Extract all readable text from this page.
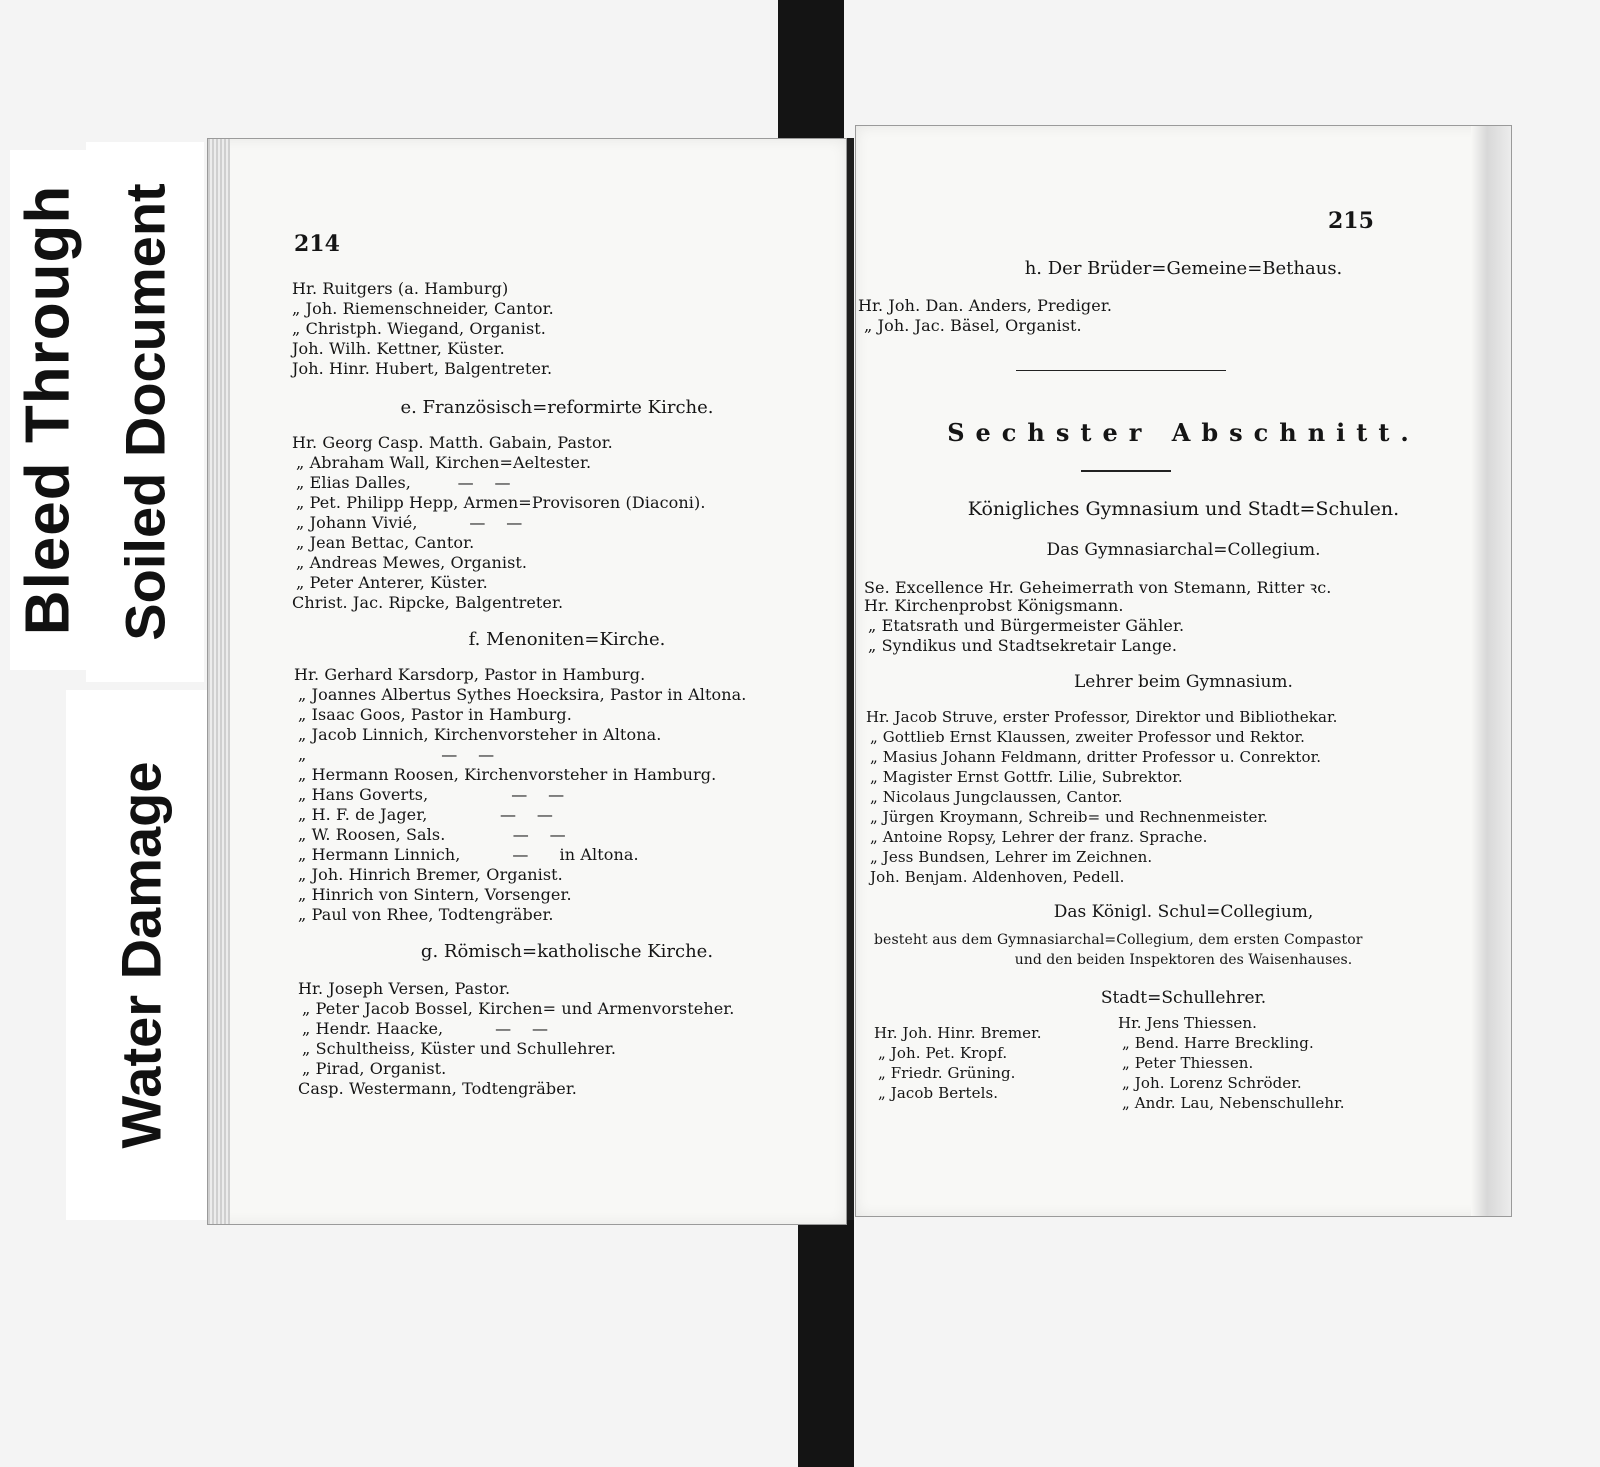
Bleed Through Soiled Document
Water Damage
214
Hr. Ruitgers (a. Hamburg)
„ Joh. Riemenschneider, Cantor.
„ Christph. Wiegand, Organist.
Joh. Wilh. Kettner, Küster.
Joh. Hinr. Hubert, Balgentreter.
e. Französisch=reformirte Kirche.
Hr. Georg Casp. Matth. Gabain, Pastor.
„ Abraham Wall, Kirchen=Aeltester.
„ Elias Dalles,         —    —
„ Pet. Philipp Hepp, Armen=Provisoren (Diaconi).
„ Johann Vivié,          —    —
„ Jean Bettac, Cantor.
„ Andreas Mewes, Organist.
„ Peter Anterer, Küster.
Christ. Jac. Ripcke, Balgentreter.
f. Menoniten=Kirche.
Hr. Gerhard Karsdorp, Pastor in Hamburg.
„ Joannes Albertus Sythes Hoecksira, Pastor in Altona.
„ Isaac Goos, Pastor in Hamburg.
„ Jacob Linnich, Kirchenvorsteher in Altona.
„                          —    —
„ Hermann Roosen, Kirchenvorsteher in Hamburg.
„ Hans Goverts,                —    —
„ H. F. de Jager,              —    —
„ W. Roosen, Sals.             —    —
„ Hermann Linnich,          —      in Altona.
„ Joh. Hinrich Bremer, Organist.
„ Hinrich von Sintern, Vorsenger.
„ Paul von Rhee, Todtengräber.
g. Römisch=katholische Kirche.
Hr. Joseph Versen, Pastor.
„ Peter Jacob Bossel, Kirchen= und Armenvorsteher.
„ Hendr. Haacke,          —    —
„ Schultheiss, Küster und Schullehrer.
„ Pirad, Organist.
Casp. Westermann, Todtengräber.
215
h. Der Brüder=Gemeine=Bethaus.
Hr. Joh. Dan. Anders, Prediger.
„ Joh. Jac. Bäsel, Organist.
Sechster Abschnitt.
Königliches Gymnasium und Stadt=Schulen.
Das Gymnasiarchal=Collegium.
Se. Excellence Hr. Geheimerrath von Stemann, Ritter ꝛc.
Hr. Kirchenprobst Königsmann.
„ Etatsrath und Bürgermeister Gähler.
„ Syndikus und Stadtsekretair Lange.
Lehrer beim Gymnasium.
Hr. Jacob Struve, erster Professor, Direktor und Bibliothekar.
„ Gottlieb Ernst Klaussen, zweiter Professor und Rektor.
„ Masius Johann Feldmann, dritter Professor u. Conrektor.
„ Magister Ernst Gottfr. Lilie, Subrektor.
„ Nicolaus Jungclaussen, Cantor.
„ Jürgen Kroymann, Schreib= und Rechnenmeister.
„ Antoine Ropsy, Lehrer der franz. Sprache.
„ Jess Bundsen, Lehrer im Zeichnen.
Joh. Benjam. Aldenhoven, Pedell.
Das Königl. Schul=Collegium,
besteht aus dem Gymnasiarchal=Collegium, dem ersten Compastor
und den beiden Inspektoren des Waisenhauses.
Stadt=Schullehrer.
Hr. Joh. Hinr. Bremer.
„ Joh. Pet. Kropf.
„ Friedr. Grüning.
„ Jacob Bertels.
Hr. Jens Thiessen.
„ Bend. Harre Breckling.
„ Peter Thiessen.
„ Joh. Lorenz Schröder.
„ Andr. Lau, Nebenschullehr.
